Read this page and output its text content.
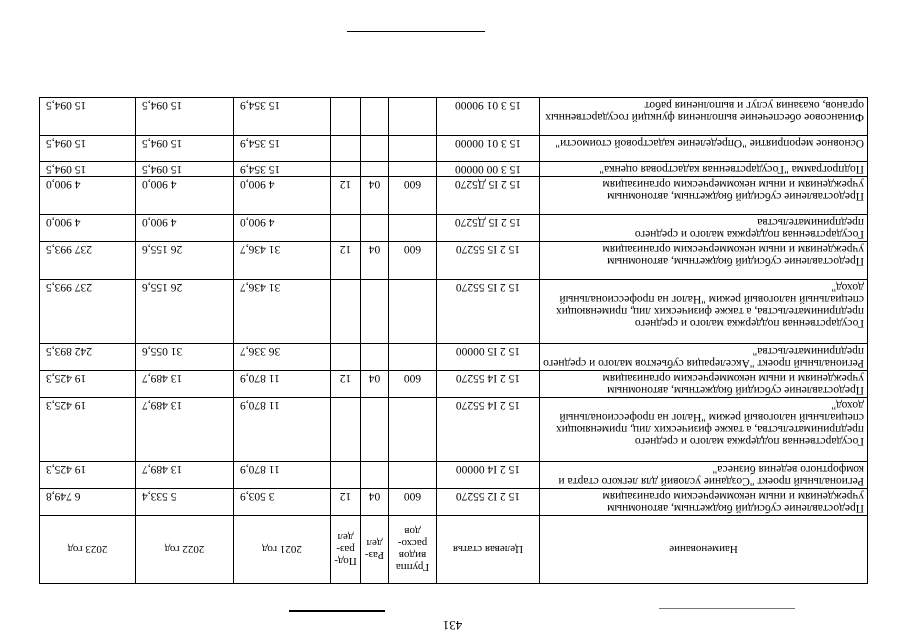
431
Наименование	Целевая статья	Группа видов расхо- дов	Раз- дел	Под- раз- дел	2021 год	2022 год	2023 год
Предоставление субсидий бюджетным, автономным учреждениям и иным некоммерческим организациям	15 2 I2 55270	600	04	12	3 503,9	5 533,4	6 749,8
Региональный проект "Создание условий для легкого старта и комфортного ведения бизнеса"	15 2 I4 00000				11 870,9	13 489,7	19 425,3
Государственная поддержка малого и среднего предпринимательства, а также физических лиц, применяющих специальный налоговый режим "Налог на профессиональный доход"	15 2 I4 55270				11 870,9	13 489,7	19 425,3
Предоставление субсидий бюджетным, автономным учреждениям и иным некоммерческим организациям	15 2 I4 55270	600	04	12	11 870,9	13 489,7	19 425,3
Региональный проект "Акселерация субъектов малого и среднего предпринимательства"	15 2 I5 00000				36 336,7	31 055,6	242 893,5
Государственная поддержка малого и среднего предпринимательства, а также физических лиц, применяющих специальный налоговый режим "Налог на профессиональный доход"	15 2 I5 55270				31 436,7	26 155,6	237 993,5
Предоставление субсидий бюджетным, автономным учреждениям и иным некоммерческим организациям	15 2 I5 55270	600	04	12	31 436,7	26 155,6	237 993,5
Государственная поддержка малого и среднего предпринимательства	15 2 I5 Д5270				4 900,0	4 900,0	4 900,0
Предоставление субсидий бюджетным, автономным учреждениям и иным некоммерческим организациям	15 2 I5 Д5270	600	04	12	4 900,0	4 900,0	4 900,0
Подпрограмма "Государственная кадастровая оценка"	15 3 00 00000				15 354,9	15 094,5	15 094,5
Основное мероприятие "Определение кадастровой стоимости"	15 3 01 00000				15 354,9	15 094,5	15 094,5
Финансовое обеспечение выполнения функций государственных органов, оказания услуг и выполнения работ	15 3 01 90000				15 354,9	15 094,5	15 094,5
